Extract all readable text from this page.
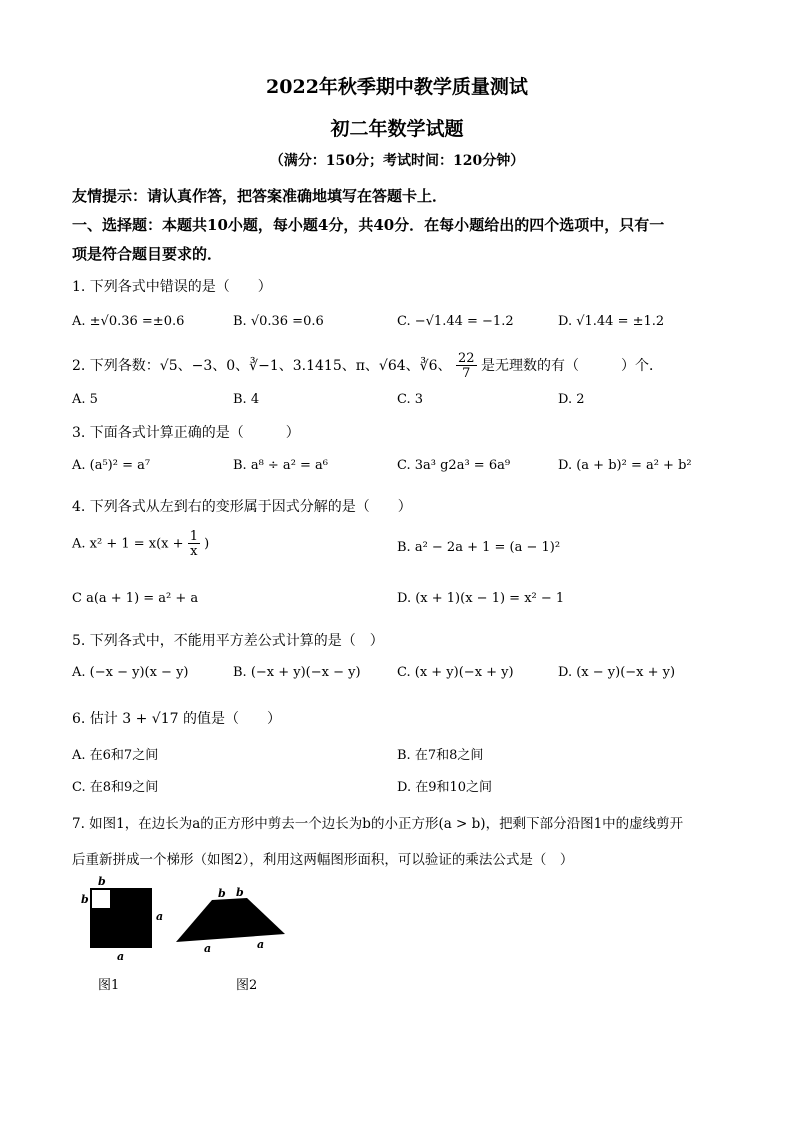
2022年秋季期中教学质量测试
初二年数学试题
（满分：150分；考试时间：120分钟）
友情提示：请认真作答，把答案准确地填写在答题卡上．
一、选择题：本题共10小题，每小题4分，共40分．在每小题给出的四个选项中，只有一
项是符合题目要求的．
1. 下列各式中错误的是（　　）
A. ±√0.36 =±0.6	B. √0.36 =0.6	C. −√1.44 = −1.2	D. √1.44 = ±1.2
2. 下列各数：√5、−3、0、∛−1、3.1415、π、√64、∛6、 $\frac{22}{7}$ 是无理数的有（　　　）个．
A. 5	B. 4	C. 3	D. 2
3. 下面各式计算正确的是（　　　）
A. (a⁵)² = a⁷	B. a⁸ ÷ a² = a⁶	C. 3a³ g2a³ = 6a⁹	D. (a + b)² = a² + b²
4. 下列各式从左到右的变形属于因式分解的是（　　）
A. $x^2 + 1 = x(x + \frac{1}{x}$ )	B. a² − 2a + 1 = (a − 1)²
C a(a + 1) = a² + a	D. (x + 1)(x − 1) = x² − 1
5. 下列各式中，不能用平方差公式计算的是（　）
A. (−x − y)(x − y)	B. (−x + y)(−x − y)	C. (x + y)(−x + y)	D. (x − y)(−x + y)
6. 估计 3 + √17 的值是（　　）
A. 在6和7之间	B. 在7和8之间
C. 在8和9之间	D. 在9和10之间
7. 如图1，在边长为a的正方形中剪去一个边长为b的小正方形(a > b)，把剩下部分沿图1中的虚线剪开
后重新拼成一个梯形（如图2），利用这两幅图形面积，可以验证的乘法公式是（　）
b
b
a
a
图1
b b
a	a
图2
